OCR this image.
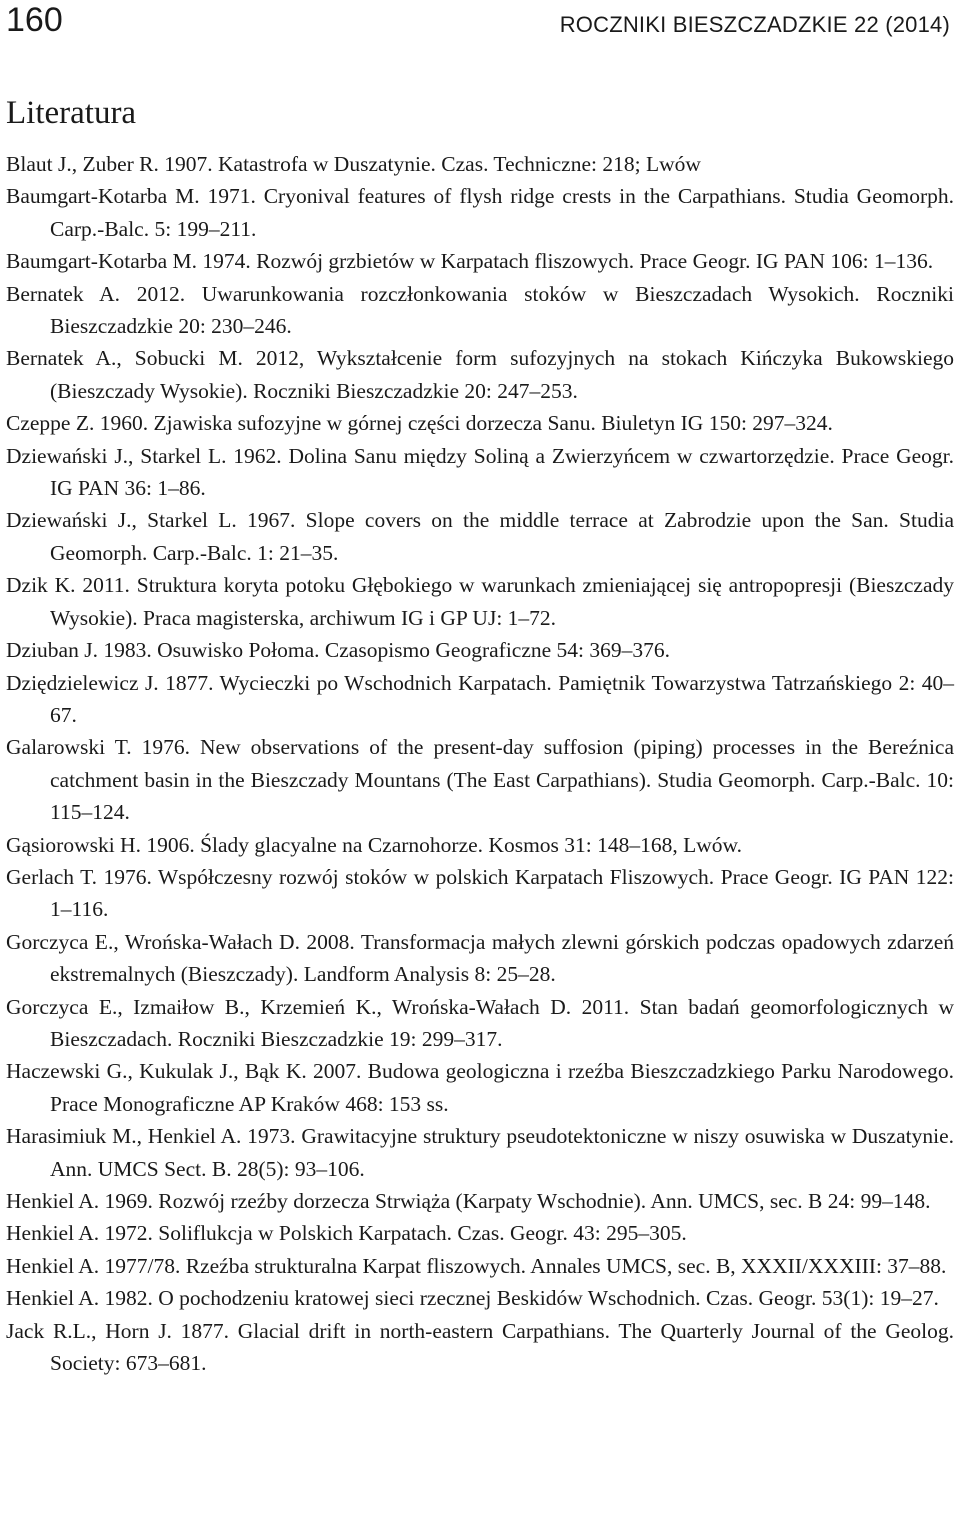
160	ROCZNIKI BIESZCZADZKIE 22 (2014)
Literatura
Blaut J., Zuber R. 1907. Katastrofa w Duszatynie. Czas. Techniczne: 218; Lwów
Baumgart-Kotarba M. 1971. Cryonival features of flysh ridge crests in the Carpathians. Studia Geomorph. Carp.-Balc. 5: 199–211.
Baumgart-Kotarba M. 1974. Rozwój grzbietów w Karpatach fliszowych. Prace Geogr. IG PAN 106: 1–136.
Bernatek A. 2012. Uwarunkowania rozczłonkowania stoków w Bieszczadach Wysokich. Roczniki Bieszczadzkie 20: 230–246.
Bernatek A., Sobucki M. 2012, Wykształcenie form sufozyjnych na stokach Kińczyka Bukowskiego (Bieszczady Wysokie). Roczniki Bieszczadzkie 20: 247–253.
Czeppe Z. 1960. Zjawiska sufozyjne w górnej części dorzecza Sanu. Biuletyn IG 150: 297–324.
Dziewański J., Starkel L. 1962. Dolina Sanu między Soliną a Zwierzyńcem w czwartorzędzie. Prace Geogr. IG PAN 36: 1–86.
Dziewański J., Starkel L. 1967. Slope covers on the middle terrace at Zabrodzie upon the San. Studia Geomorph. Carp.-Balc. 1: 21–35.
Dzik K. 2011. Struktura koryta potoku Głębokiego w warunkach zmieniającej się antropopresji (Bieszczady Wysokie). Praca magisterska, archiwum IG i GP UJ: 1–72.
Dziuban J. 1983. Osuwisko Połoma. Czasopismo Geograficzne 54: 369–376.
Dziędzielewicz J. 1877. Wycieczki po Wschodnich Karpatach. Pamiętnik Towarzystwa Tatrzańskiego 2: 40–67.
Galarowski T. 1976. New observations of the present-day suffosion (piping) processes in the Bereźnica catchment basin in the Bieszczady Mountans (The East Carpathians). Studia Geomorph. Carp.-Balc. 10: 115–124.
Gąsiorowski H. 1906. Ślady glacyalne na Czarnohorze. Kosmos 31: 148–168, Lwów.
Gerlach T. 1976. Współczesny rozwój stoków w polskich Karpatach Fliszowych. Prace Geogr. IG PAN 122: 1–116.
Gorczyca E., Wrońska-Wałach D. 2008. Transformacja małych zlewni górskich podczas opadowych zdarzeń ekstremalnych (Bieszczady). Landform Analysis 8: 25–28.
Gorczyca E., Izmaiłow B., Krzemień K., Wrońska-Wałach D. 2011. Stan badań geomorfologicznych w Bieszczadach. Roczniki Bieszczadzkie 19: 299–317.
Haczewski G., Kukulak J., Bąk K. 2007. Budowa geologiczna i rzeźba Bieszczadzkiego Parku Narodowego. Prace Monograficzne AP Kraków 468: 153 ss.
Harasimiuk M., Henkiel A. 1973. Grawitacyjne struktury pseudotektoniczne w niszy osuwiska w Duszatynie. Ann. UMCS Sect. B. 28(5): 93–106.
Henkiel A. 1969. Rozwój rzeźby dorzecza Strwiąża (Karpaty Wschodnie). Ann. UMCS, sec. B 24: 99–148.
Henkiel A. 1972. Soliflukcja w Polskich Karpatach. Czas. Geogr. 43: 295–305.
Henkiel A. 1977/78. Rzeźba strukturalna Karpat fliszowych. Annales UMCS, sec. B, XXXII/XXXIII: 37–88.
Henkiel A. 1982. O pochodzeniu kratowej sieci rzecznej Beskidów Wschodnich. Czas. Geogr. 53(1): 19–27.
Jack R.L., Horn J. 1877. Glacial drift in north-eastern Carpathians. The Quarterly Journal of the Geolog. Society: 673–681.
